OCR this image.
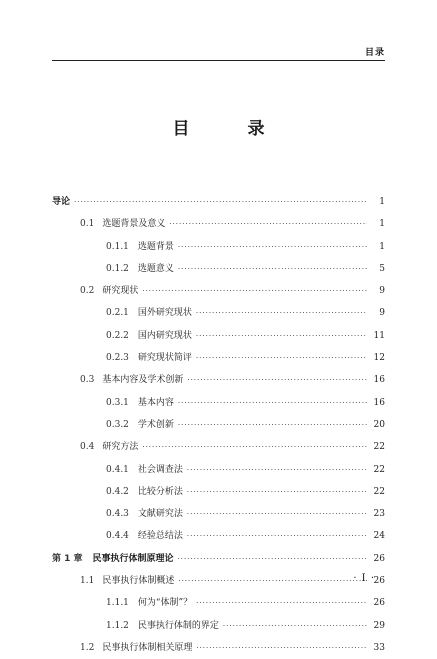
目录
目 录
导论 ·····	1
0.1 选题背景及意义 ·····	1
0.1.1 选题背景 ·····	1
0.1.2 选题意义 ·····	5
0.2 研究现状 ·····	9
0.2.1 国外研究现状 ·····	9
0.2.2 国内研究现状 ·····	11
0.2.3 研究现状简评 ·····	12
0.3 基本内容及学术创新 ·····	16
0.3.1 基本内容 ·····	16
0.3.2 学术创新 ·····	20
0.4 研究方法 ·····	22
0.4.1 社会调查法 ·····	22
0.4.2 比较分析法 ·····	22
0.4.3 文献研究法 ·····	23
0.4.4 经验总结法 ·····	24
第 1 章 民事执行体制原理论 ·····	26
1.1 民事执行体制概述 ·····	26
1.1.1 何为“体制”？ ·····	26
1.1.2 民事执行体制的界定 ·····	29
1.2 民事执行体制相关原理 ·····	33
· I ·
